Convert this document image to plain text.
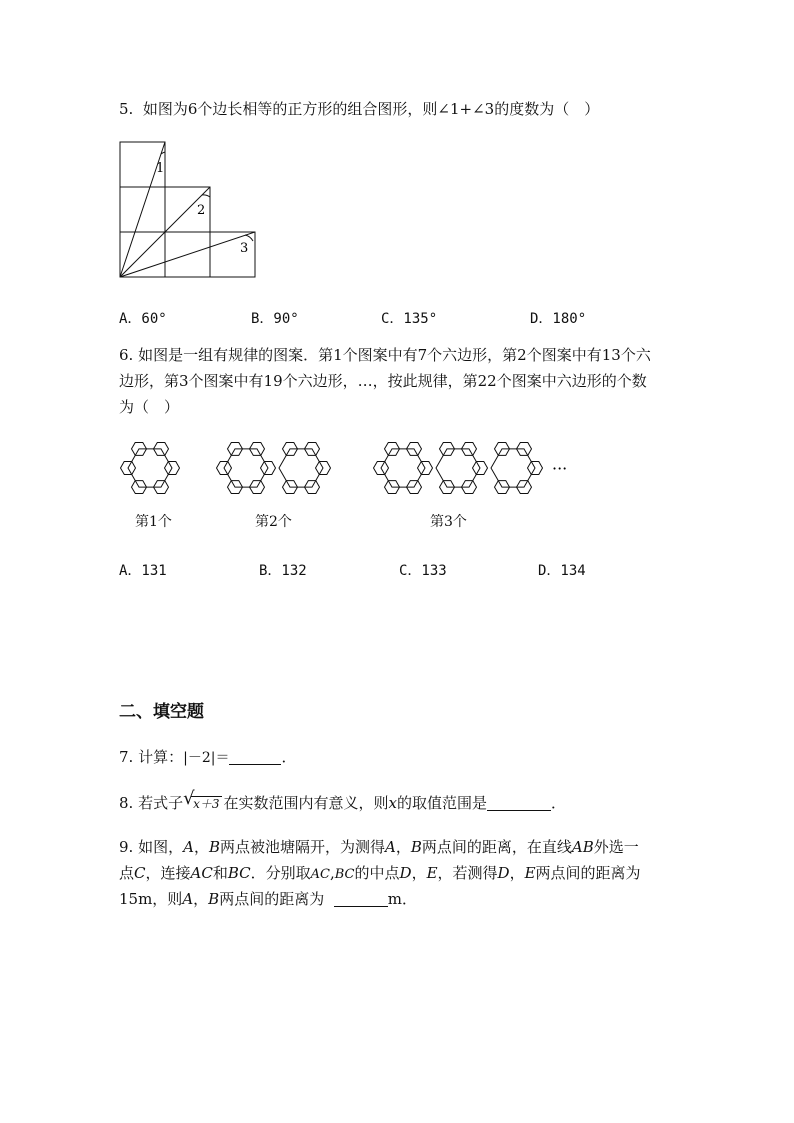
5. 如图为6个边长相等的正方形的组合图形，则∠1+∠3的度数为（　）
1
2
3
A．60°	B．90°	C．135°	D．180°
6. 如图是一组有规律的图案．第1个图案中有7个六边形，第2个图案中有13个六
边形，第3个图案中有19个六边形，…，按此规律，第22个图案中六边形的个数
为（　）
···
第1个	第2个	第3个
A．131	B．132	C．133	D．134
二、填空题
7. 计算：|－2|＝	．
8. 若式子 √
x＋3 在实数范围内有意义，则x的取值范围是	．
9. 如图，A，B两点被池塘隔开，为测得A，B两点间的距离，在直线AB外选一
点C，连接AC和BC．分别取AC,BC的中点D，E，若测得D，E两点间的距离为
15m，则A，B两点间的距离为	m．
